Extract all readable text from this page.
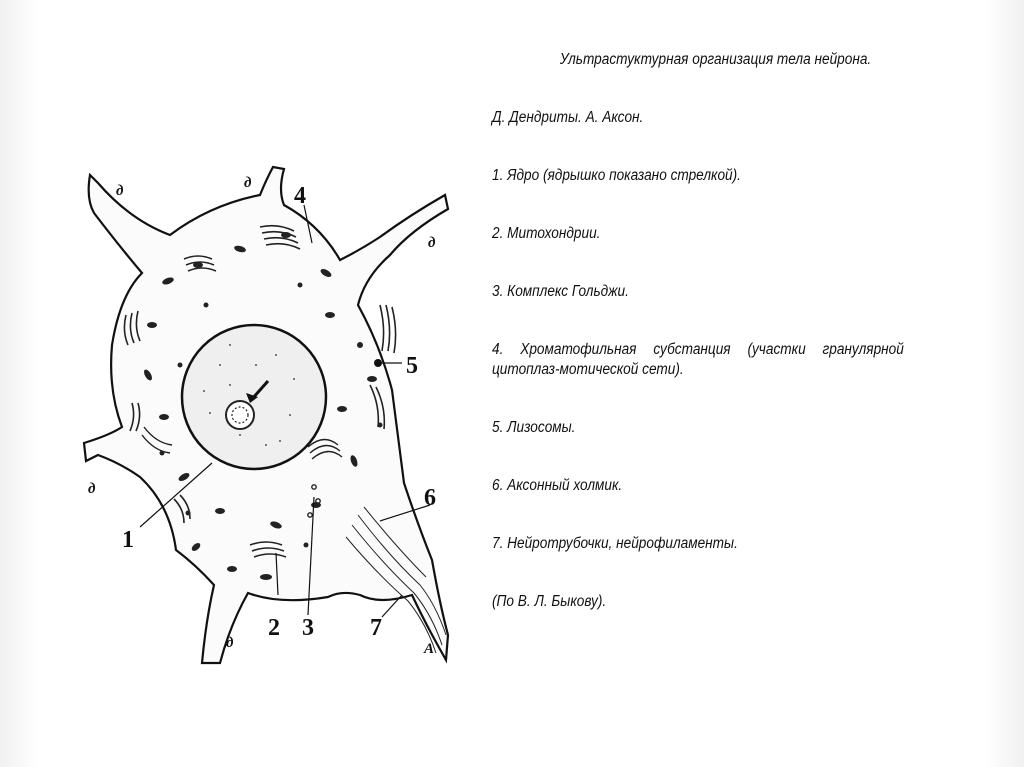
д	д
д
д
д	А
1
2 3
4
5
6
7
Ультрастуктурная организация тела нейрона.

Д. Дендриты. А. Аксон.

1. Ядро (ядрышко показано стрелкой).

2. Митохондрии.

3. Комплекс Гольджи.

4. Хроматофильная субстанция (участки гранулярной цитоплаз-мотической сети).

5. Лизосомы.

6. Аксонный холмик.

7. Нейротрубочки, нейрофиламенты.

(По В. Л. Быкову).
